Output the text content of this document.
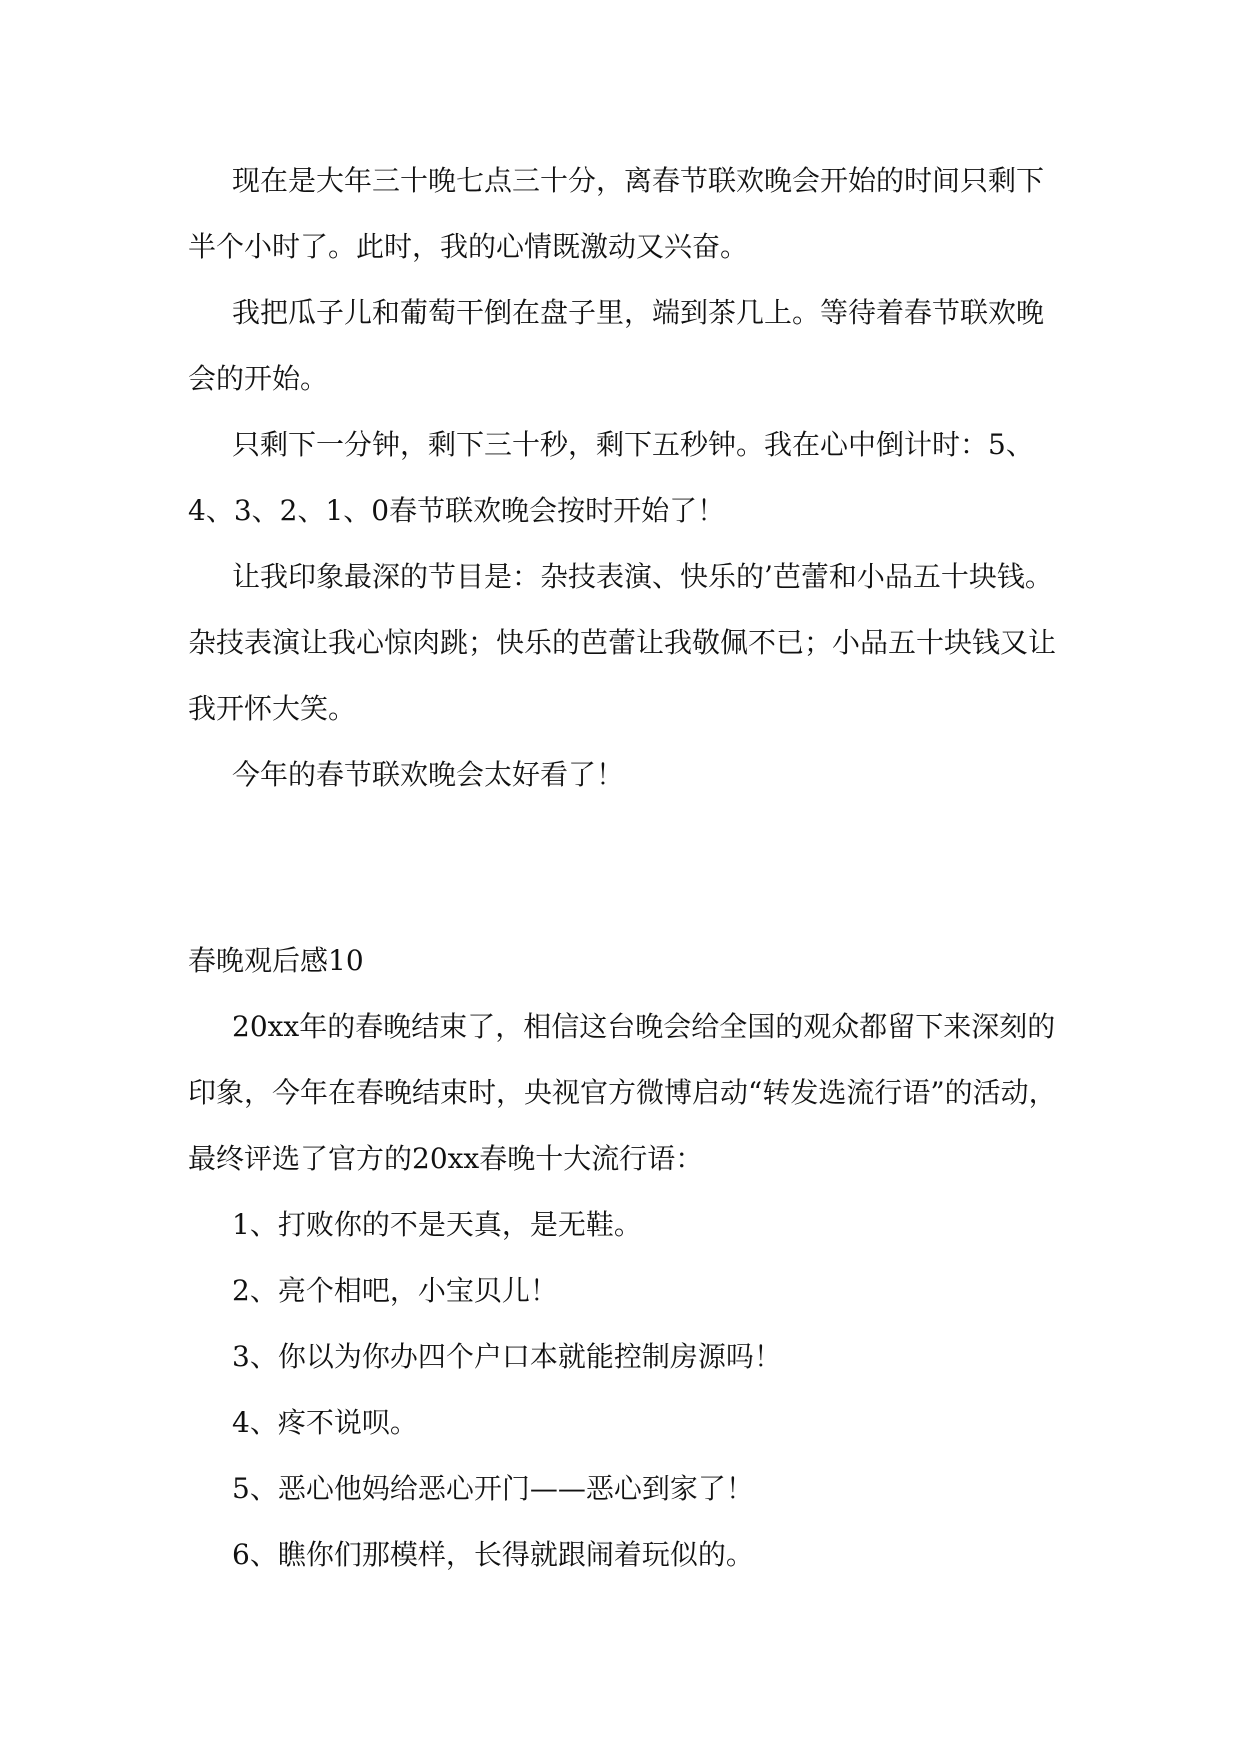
现在是大年三十晚七点三十分，离春节联欢晚会开始的时间只剩下半个小时了。此时，我的心情既激动又兴奋。

我把瓜子儿和葡萄干倒在盘子里，端到茶几上。等待着春节联欢晚会的开始。

只剩下一分钟，剩下三十秒，剩下五秒钟。我在心中倒计时：5、4、3、2、1、0春节联欢晚会按时开始了！

让我印象最深的节目是：杂技表演、快乐的’芭蕾和小品五十块钱。杂技表演让我心惊肉跳；快乐的芭蕾让我敬佩不已；小品五十块钱又让我开怀大笑。

今年的春节联欢晚会太好看了！

春晚观后感10

20xx年的春晚结束了，相信这台晚会给全国的观众都留下来深刻的印象，今年在春晚结束时，央视官方微博启动“转发选流行语”的活动，最终评选了官方的20xx春晚十大流行语：

1、打败你的不是天真，是无鞋。

2、亮个相吧，小宝贝儿！

3、你以为你办四个户口本就能控制房源吗！

4、疼不说呗。

5、恶心他妈给恶心开门——恶心到家了！

6、瞧你们那模样，长得就跟闹着玩似的。
